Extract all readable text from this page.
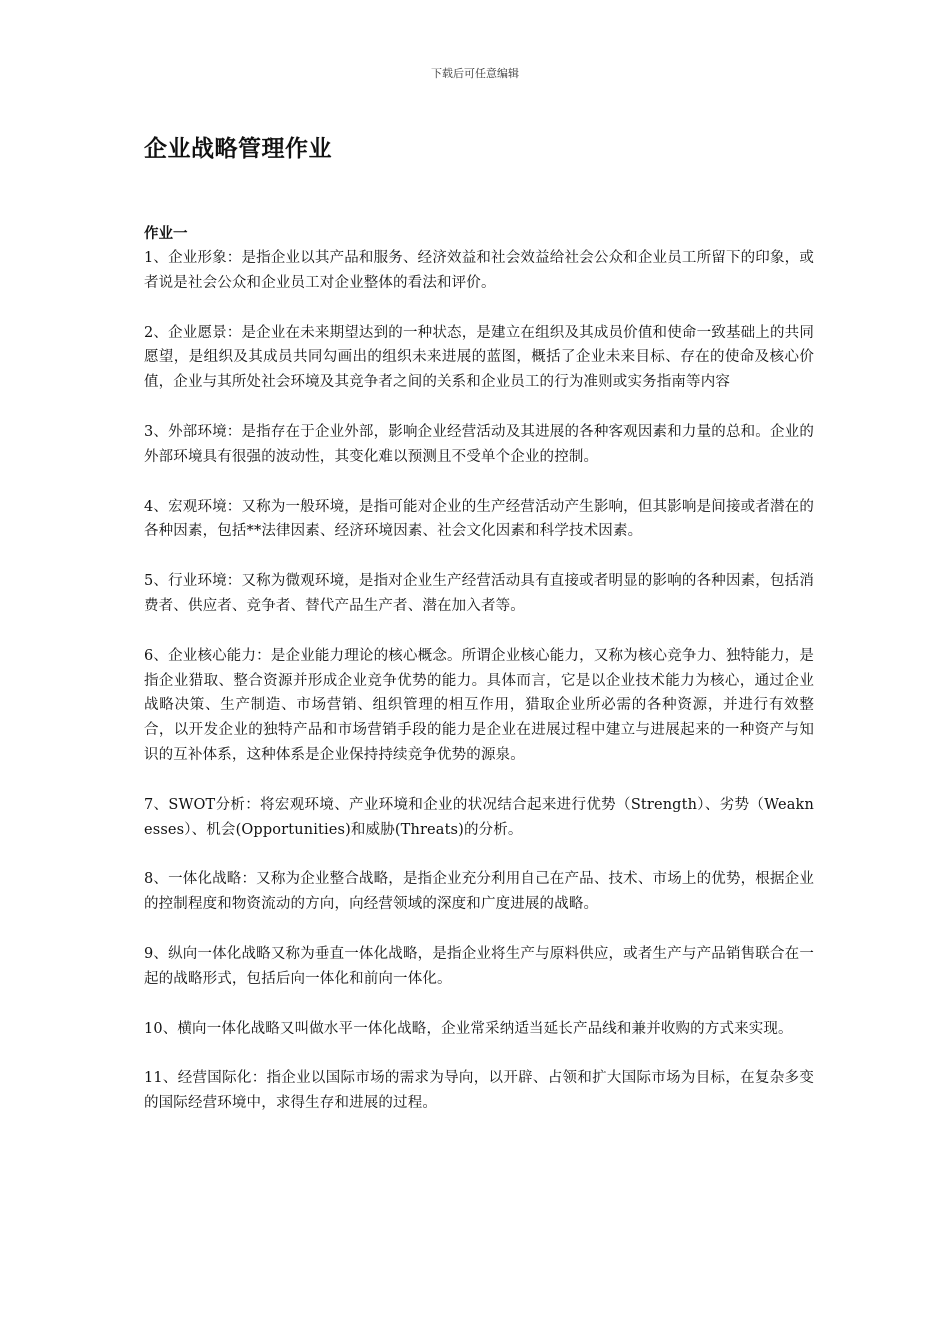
下载后可任意编辑
企业战略管理作业
作业一

1、企业形象：是指企业以其产品和服务、经济效益和社会效益给社会公众和企业员工所留下的印象，或者说是社会公众和企业员工对企业整体的看法和评价。

2、企业愿景：是企业在未来期望达到的一种状态，是建立在组织及其成员价值和使命一致基础上的共同愿望，是组织及其成员共同勾画出的组织未来进展的蓝图，概括了企业未来目标、存在的使命及核心价值，企业与其所处社会环境及其竞争者之间的关系和企业员工的行为准则或实务指南等内容

3、外部环境：是指存在于企业外部，影响企业经营活动及其进展的各种客观因素和力量的总和。企业的外部环境具有很强的波动性，其变化难以预测且不受单个企业的控制。

4、宏观环境：又称为一般环境，是指可能对企业的生产经营活动产生影响，但其影响是间接或者潜在的各种因素，包括**法律因素、经济环境因素、社会文化因素和科学技术因素。

5、行业环境：又称为微观环境，是指对企业生产经营活动具有直接或者明显的影响的各种因素，包括消费者、供应者、竞争者、替代产品生产者、潜在加入者等。

6、企业核心能力：是企业能力理论的核心概念。所谓企业核心能力，又称为核心竞争力、独特能力，是指企业猎取、整合资源并形成企业竞争优势的能力。具体而言，它是以企业技术能力为核心，通过企业战略决策、生产制造、市场营销、组织管理的相互作用，猎取企业所必需的各种资源，并进行有效整合，以开发企业的独特产品和市场营销手段的能力是企业在进展过程中建立与进展起来的一种资产与知识的互补体系，这种体系是企业保持持续竞争优势的源泉。

7、SWOT分析：将宏观环境、产业环境和企业的状况结合起来进行优势（Strength）、劣势（Weaknesses）、机会(Opportunities)和威胁(Threats)的分析。

8、一体化战略：又称为企业整合战略，是指企业充分利用自己在产品、技术、市场上的优势，根据企业的控制程度和物资流动的方向，向经营领域的深度和广度进展的战略。

9、纵向一体化战略又称为垂直一体化战略，是指企业将生产与原料供应，或者生产与产品销售联合在一起的战略形式，包括后向一体化和前向一体化。

10、横向一体化战略又叫做水平一体化战略，企业常采纳适当延长产品线和兼并收购的方式来实现。

11、经营国际化：指企业以国际市场的需求为导向，以开辟、占领和扩大国际市场为目标，在复杂多变的国际经营环境中，求得生存和进展的过程。
